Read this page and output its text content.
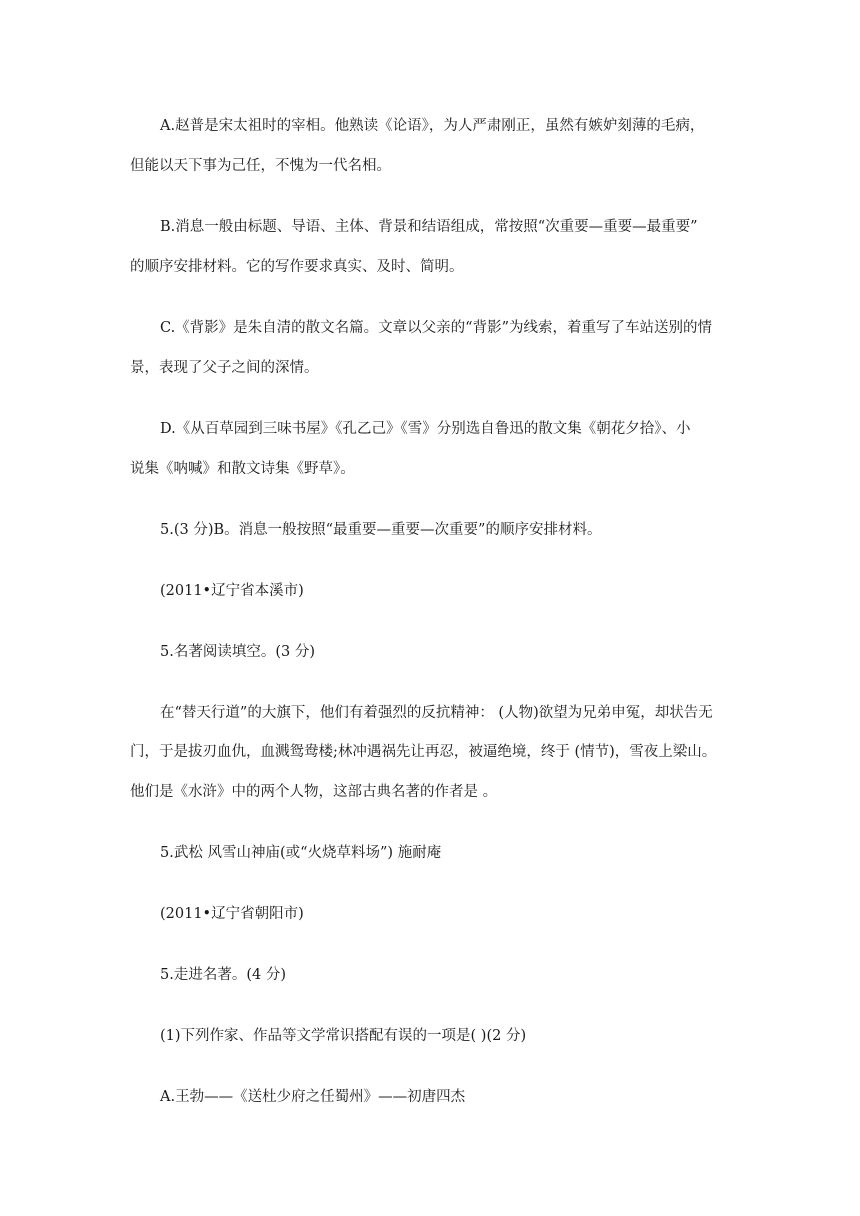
A.赵普是宋太祖时的宰相。他熟读《论语》，为人严肃刚正，虽然有嫉妒刻薄的毛病，
但能以天下事为己任，不愧为一代名相。
B.消息一般由标题、导语、主体、背景和结语组成，常按照“次重要—重要—最重要”
的顺序安排材料。它的写作要求真实、及时、简明。
C.《背影》是朱自清的散文名篇。文章以父亲的“背影”为线索，着重写了车站送别的情
景，表现了父子之间的深情。
D.《从百草园到三味书屋》《孔乙己》《雪》分别选自鲁迅的散文集《朝花夕拾》、小
说集《呐喊》和散文诗集《野草》。
5.(3 分)B。消息一般按照“最重要—重要—次重要”的顺序安排材料。
(2011•辽宁省本溪市)
5.名著阅读填空。(3 分)
在“替天行道”的大旗下，他们有着强烈的反抗精神： (人物)欲望为兄弟申冤，却状告无
门，于是拔刃血仇，血溅鸳鸯楼;林冲遇祸先让再忍，被逼绝境，终于 (情节)，雪夜上梁山。
他们是《水浒》中的两个人物，这部古典名著的作者是 。
5.武松 风雪山神庙(或“火烧草料场”) 施耐庵
(2011•辽宁省朝阳市)
5.走进名著。(4 分)
(1)下列作家、作品等文学常识搭配有误的一项是( )(2 分)
A.王勃——《送杜少府之任蜀州》——初唐四杰
